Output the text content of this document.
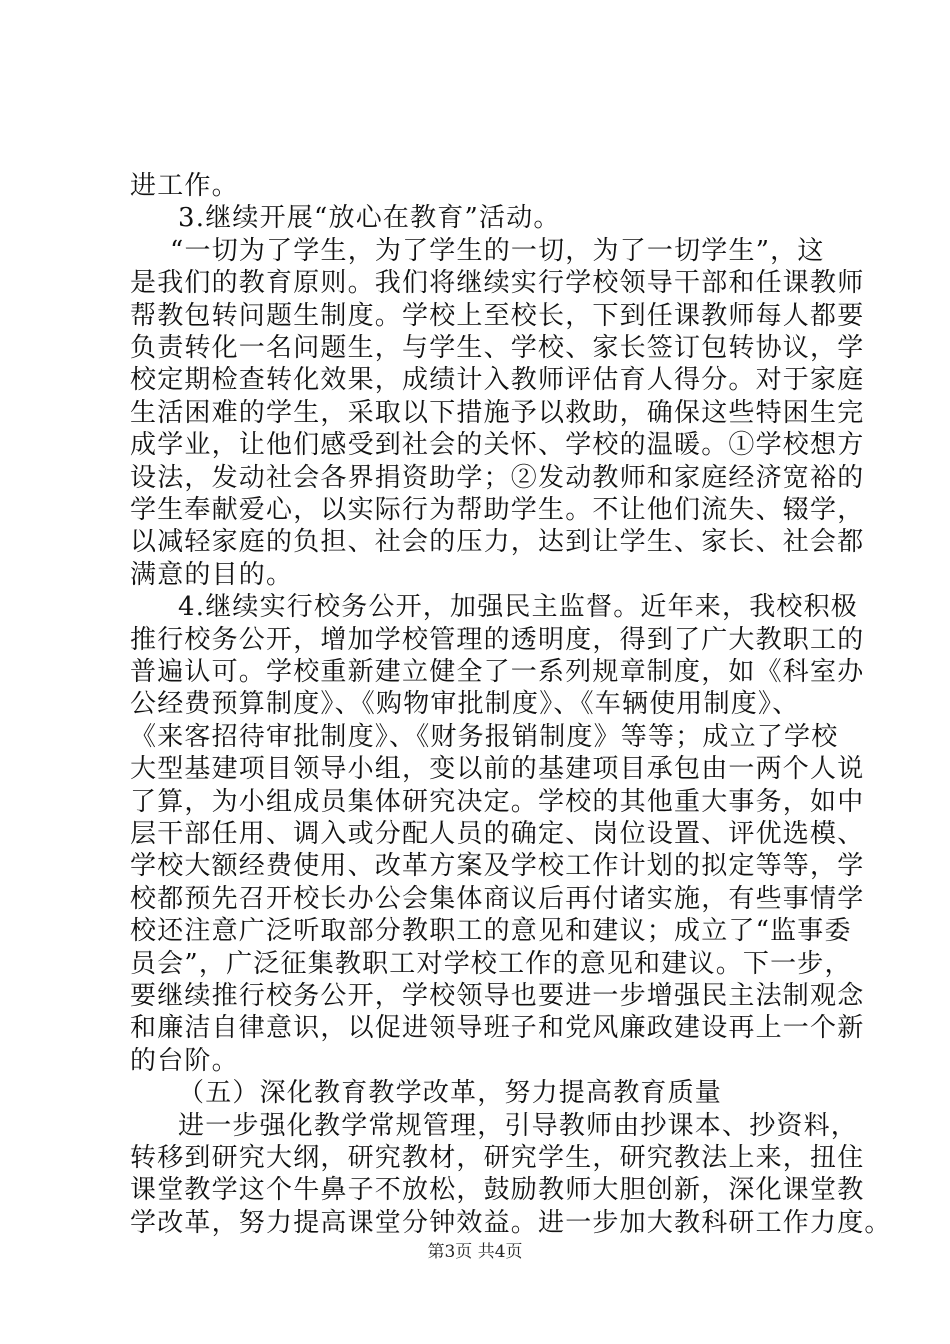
进工作。
3.继续开展“放心在教育”活动。
“一切为了学生，为了学生的一切，为了一切学生”，这
是我们的教育原则。我们将继续实行学校领导干部和任课教师
帮教包转问题生制度。学校上至校长，下到任课教师每人都要
负责转化一名问题生，与学生、学校、家长签订包转协议，学
校定期检查转化效果，成绩计入教师评估育人得分。对于家庭
生活困难的学生，采取以下措施予以救助，确保这些特困生完
成学业，让他们感受到社会的关怀、学校的温暖。①学校想方
设法，发动社会各界捐资助学；②发动教师和家庭经济宽裕的
学生奉献爱心，以实际行为帮助学生。不让他们流失、辍学，
以减轻家庭的负担、社会的压力，达到让学生、家长、社会都
满意的目的。
4.继续实行校务公开，加强民主监督。近年来，我校积极
推行校务公开，增加学校管理的透明度，得到了广大教职工的
普遍认可。学校重新建立健全了一系列规章制度，如《科室办
公经费预算制度》、《购物审批制度》、《车辆使用制度》、
《来客招待审批制度》、《财务报销制度》等等；成立了学校
大型基建项目领导小组，变以前的基建项目承包由一两个人说
了算，为小组成员集体研究决定。学校的其他重大事务，如中
层干部任用、调入或分配人员的确定、岗位设置、评优选模、
学校大额经费使用、改革方案及学校工作计划的拟定等等，学
校都预先召开校长办公会集体商议后再付诸实施，有些事情学
校还注意广泛听取部分教职工的意见和建议；成立了“监事委
员会”，广泛征集教职工对学校工作的意见和建议。下一步，
要继续推行校务公开，学校领导也要进一步增强民主法制观念
和廉洁自律意识，以促进领导班子和党风廉政建设再上一个新
的台阶。
（五）深化教育教学改革，努力提高教育质量
进一步强化教学常规管理，引导教师由抄课本、抄资料，
转移到研究大纲，研究教材，研究学生，研究教法上来，扭住
课堂教学这个牛鼻子不放松，鼓励教师大胆创新，深化课堂教
学改革，努力提高课堂分钟效益。进一步加大教科研工作力度。
第3页 共4页
